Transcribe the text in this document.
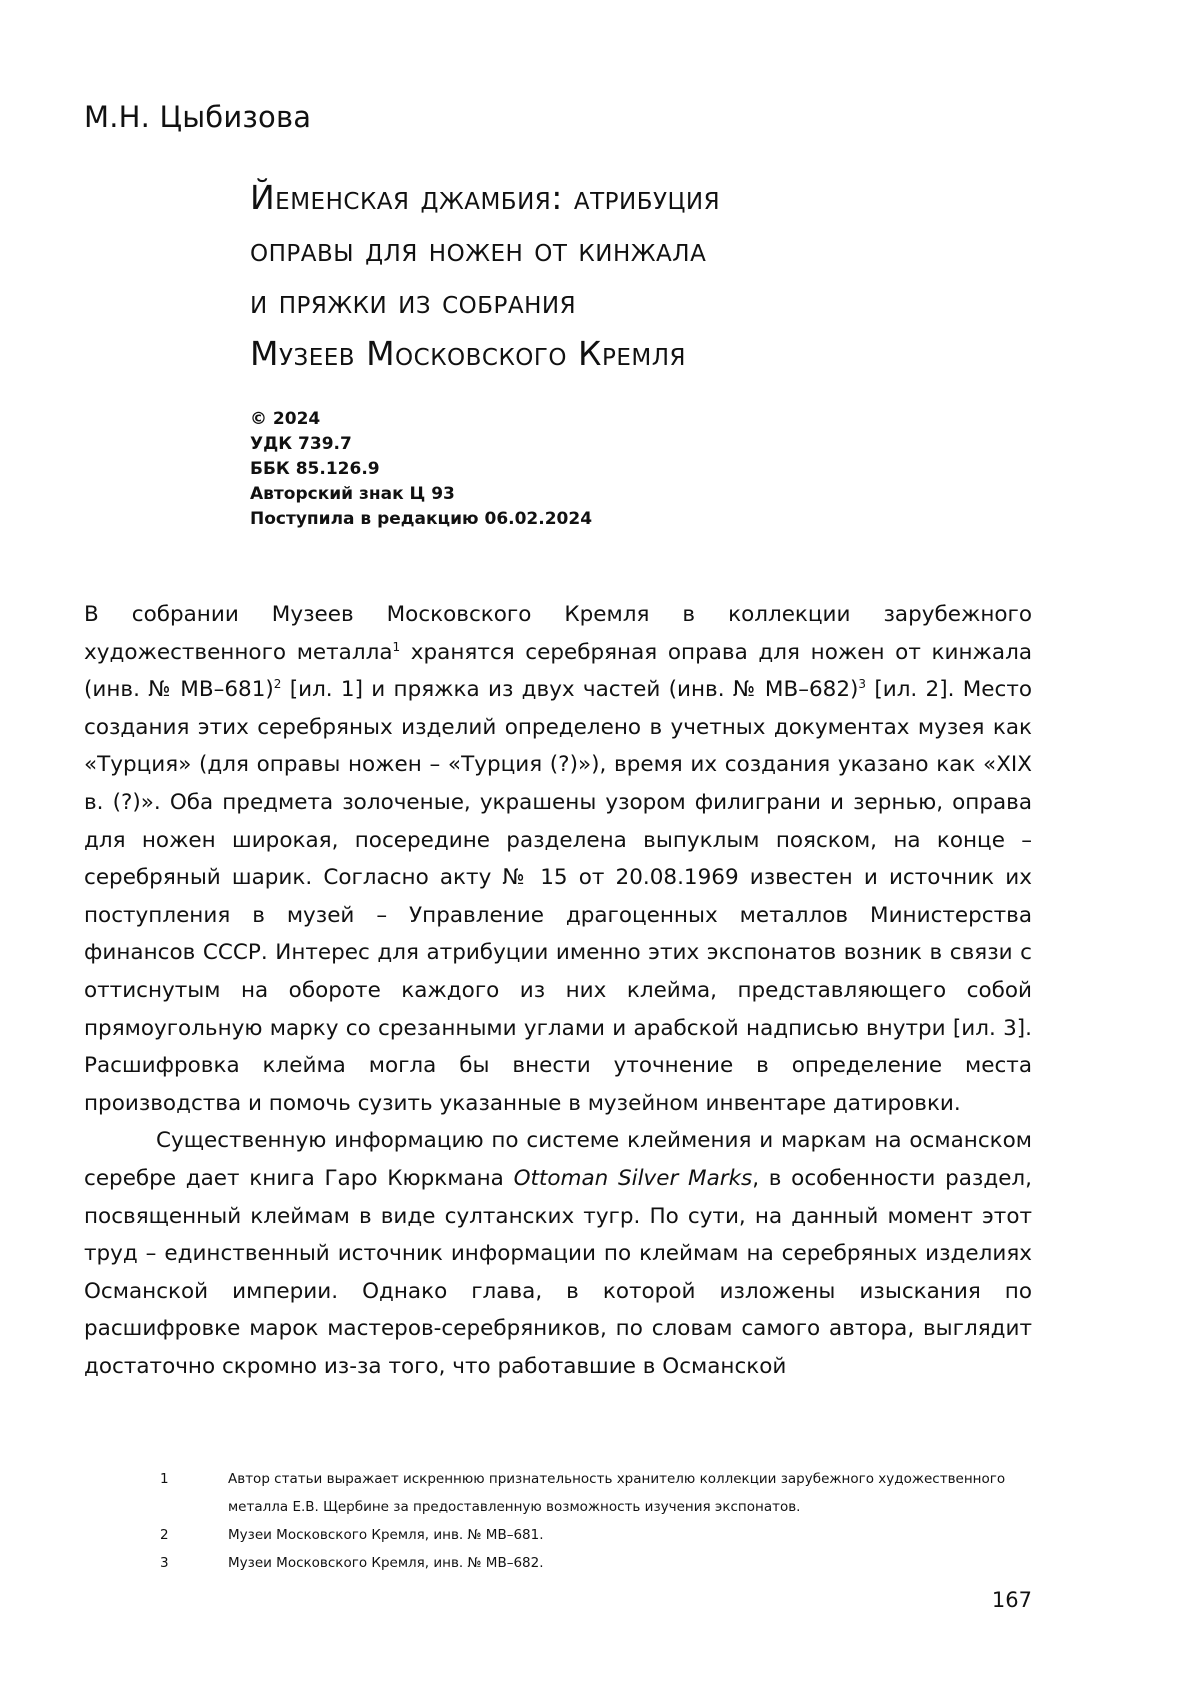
М.Н. Цыбизова
Йеменская джамбия: атрибуция
оправы для ножен от кинжала
и пряжки из собрания
Музеев Московского Кремля
© 2024
УДК 739.7
ББК 85.126.9
Авторский знак Ц 93
Поступила в редакцию 06.02.2024

В собрании Музеев Московского Кремля в коллекции зарубежного художественного металла$^1$ хранятся серебряная оправа для ножен от кинжала (инв. № МВ–681)$^2$ [ил. 1] и пряжка из двух частей (инв. № МВ–682)$^3$ [ил. 2]. Место создания этих серебряных изделий определено в учетных документах музея как «Турция» (для оправы ножен – «Турция (?)»), время их создания указано как «XIX в. (?)». Оба предмета золоченые, украшены узором филиграни и зернью, оправа для ножен широкая, посередине разделена выпуклым пояском, на конце – серебряный шарик. Согласно акту № 15 от 20.08.1969 известен и источник их поступления в музей – Управление драгоценных металлов Министерства финансов СССР. Интерес для атрибуции именно этих экспонатов возник в связи с оттиснутым на обороте каждого из них клейма, представляющего собой прямоугольную марку со срезанными углами и арабской надписью внутри [ил. 3]. Расшифровка клейма могла бы внести уточнение в определение места производства и помочь сузить указанные в музейном инвентаре датировки.

Существенную информацию по системе клеймения и маркам на османском серебре дает книга Гаро Кюркмана Ottoman Silver Marks, в особенности раздел, посвященный клеймам в виде султанских тугр. По сути, на данный момент этот труд – единственный источник информации по клеймам на серебряных изделиях Османской империи. Однако глава, в которой изложены изыскания по расшифровке марок мастеров-серебряников, по словам самого автора, выглядит достаточно скромно из-за того, что работавшие в Османской

1	Автор статьи выражает искреннюю признательность хранителю коллекции зарубежного художественного металла Е.В. Щербине за предоставленную возможность изучения экспонатов.
2	Музеи Московского Кремля, инв. № МВ–681.
3	Музеи Московского Кремля, инв. № МВ–682.
167
